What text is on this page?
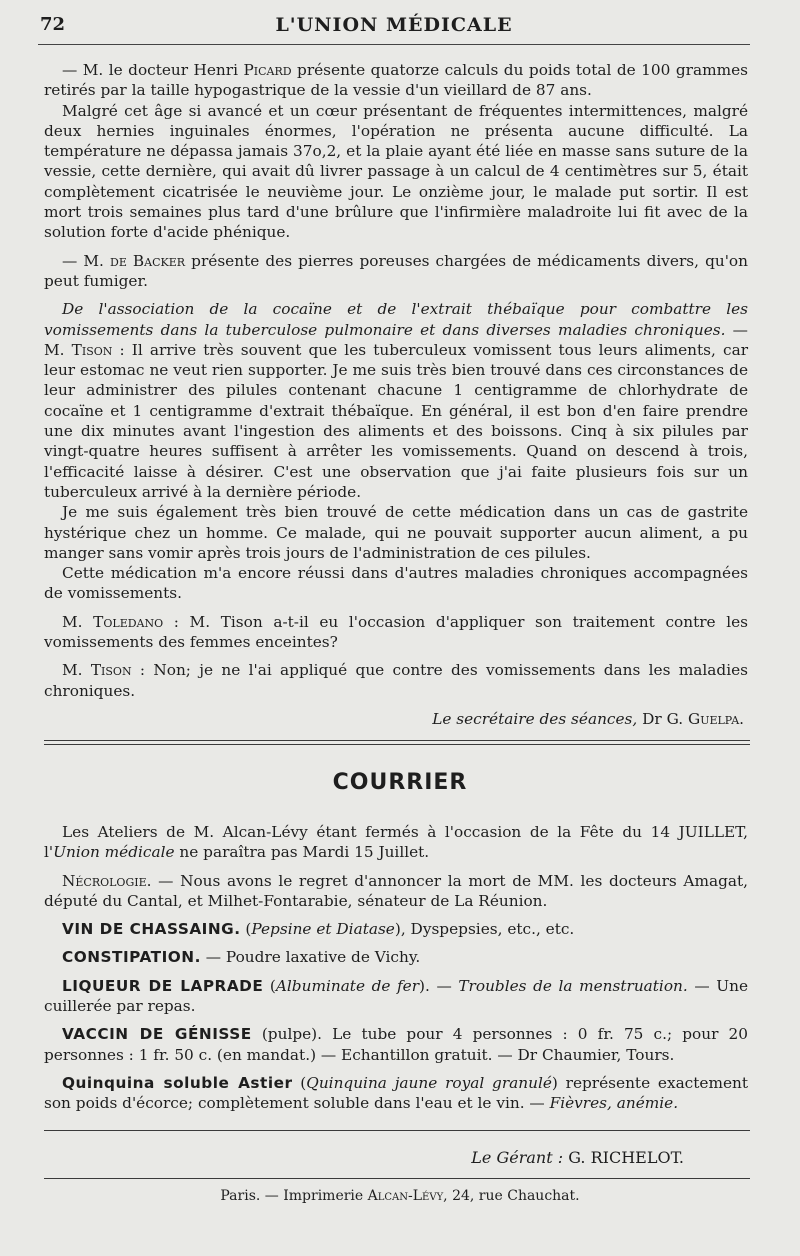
72	L'UNION MÉDICALE

— M. le docteur Henri Picard présente quatorze calculs du poids total de 100 grammes retirés par la taille hypogastrique de la vessie d'un vieillard de 87 ans.

Malgré cet âge si avancé et un cœur présentant de fréquentes intermittences, malgré deux hernies inguinales énormes, l'opération ne présenta aucune difficulté. La température ne dépassa jamais 37o,2, et la plaie ayant été liée en masse sans suture de la vessie, cette dernière, qui avait dû livrer passage à un calcul de 4 centimètres sur 5, était complètement cicatrisée le neuvième jour. Le onzième jour, le malade put sortir. Il est mort trois semaines plus tard d'une brûlure que l'infirmière maladroite lui fit avec de la solution forte d'acide phénique.

— M. de Backer présente des pierres poreuses chargées de médicaments divers, qu'on peut fumiger.

De l'association de la cocaïne et de l'extrait thébaïque pour combattre les vomissements dans la tuberculose pulmonaire et dans diverses maladies chroniques. — M. Tison : Il arrive très souvent que les tuberculeux vomissent tous leurs aliments, car leur estomac ne veut rien supporter. Je me suis très bien trouvé dans ces circonstances de leur administrer des pilules contenant chacune 1 centigramme de chlorhydrate de cocaïne et 1 centigramme d'extrait thébaïque. En général, il est bon d'en faire prendre une dix minutes avant l'ingestion des aliments et des boissons. Cinq à six pilules par vingt-quatre heures suffisent à arrêter les vomissements. Quand on descend à trois, l'efficacité laisse à désirer. C'est une observation que j'ai faite plusieurs fois sur un tuberculeux arrivé à la dernière période.

Je me suis également très bien trouvé de cette médication dans un cas de gastrite hystérique chez un homme. Ce malade, qui ne pouvait supporter aucun aliment, a pu manger sans vomir après trois jours de l'administration de ces pilules.

Cette médication m'a encore réussi dans d'autres maladies chroniques accompagnées de vomissements.

M. Toledano : M. Tison a-t-il eu l'occasion d'appliquer son traitement contre les vomissements des femmes enceintes?

M. Tison : Non; je ne l'ai appliqué que contre des vomissements dans les maladies chroniques.

Le secrétaire des séances, Dr G. Guelpa.
COURRIER

Les Ateliers de M. Alcan-Lévy étant fermés à l'occasion de la Fête du 14 JUILLET, l'Union médicale ne paraîtra pas Mardi 15 Juillet.

Nécrologie. — Nous avons le regret d'annoncer la mort de MM. les docteurs Amagat, député du Cantal, et Milhet-Fontarabie, sénateur de La Réunion.

VIN DE CHASSAING. (Pepsine et Diatase), Dyspepsies, etc., etc.

CONSTIPATION. — Poudre laxative de Vichy.

LIQUEUR DE LAPRADE (Albuminate de fer). — Troubles de la menstruation. — Une cuillerée par repas.

VACCIN DE GÉNISSE (pulpe). Le tube pour 4 personnes : 0 fr. 75 c.; pour 20 personnes : 1 fr. 50 c. (en mandat.) — Echantillon gratuit. — Dr Chaumier, Tours.

Quinquina soluble Astier (Quinquina jaune royal granulé) représente exactement son poids d'écorce; complètement soluble dans l'eau et le vin. — Fièvres, anémie.

Le Gérant : G. RICHELOT.
Paris. — Imprimerie Alcan-Lévy, 24, rue Chauchat.
